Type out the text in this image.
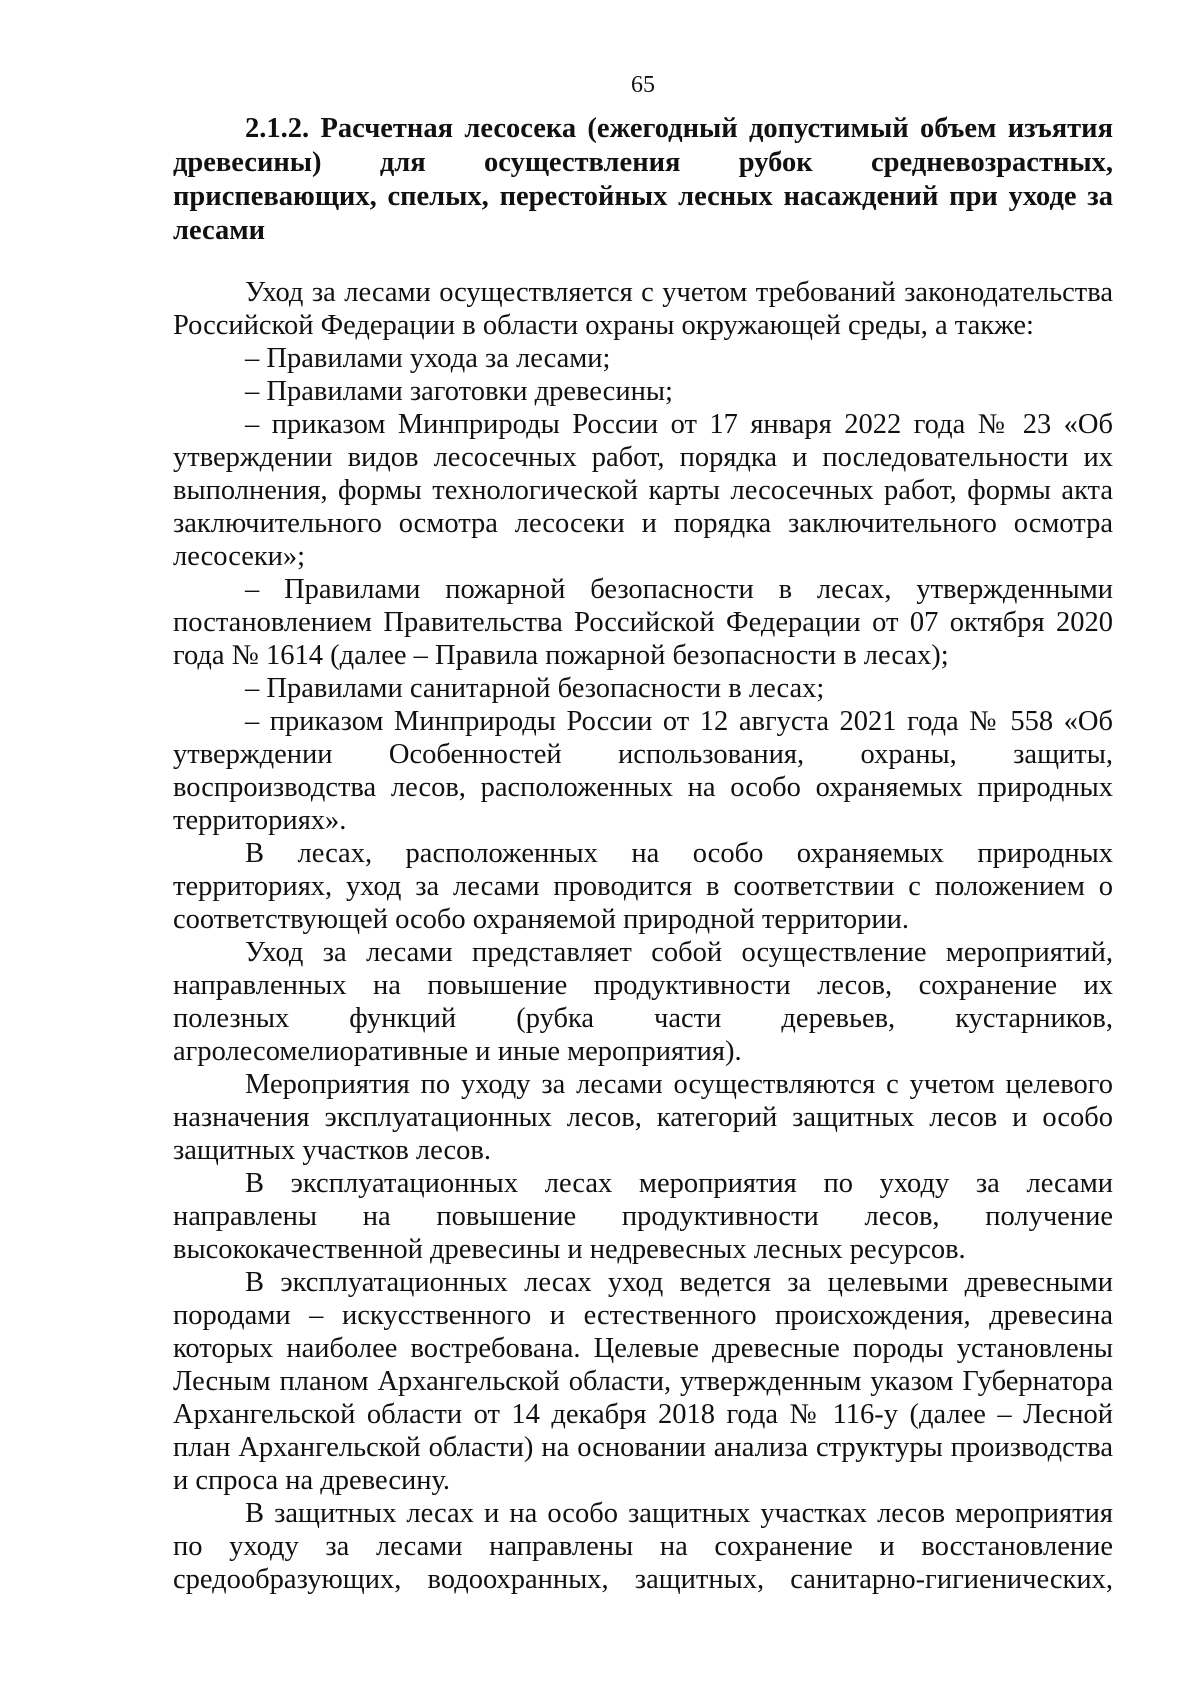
65
2.1.2. Расчетная лесосека (ежегодный допустимый объем изъятия древесины) для осуществления рубок средневозрастных, приспевающих, спелых, перестойных лесных насаждений при уходе за лесами

Уход за лесами осуществляется с учетом требований законодательства Российской Федерации в области охраны окружающей среды, а также:

– Правилами ухода за лесами;

– Правилами заготовки древесины;

– приказом Минприроды России от 17 января 2022 года № 23 «Об утверждении видов лесосечных работ, порядка и последовательности их выполнения, формы технологической карты лесосечных работ, формы акта заключительного осмотра лесосеки и порядка заключительного осмотра лесосеки»;

– Правилами пожарной безопасности в лесах, утвержденными постановлением Правительства Российской Федерации от 07 октября 2020 года № 1614 (далее – Правила пожарной безопасности в лесах);

– Правилами санитарной безопасности в лесах;

– приказом Минприроды России от 12 августа 2021 года № 558 «Об утверждении Особенностей использования, охраны, защиты, воспроизводства лесов, расположенных на особо охраняемых природных территориях».

В лесах, расположенных на особо охраняемых природных территориях, уход за лесами проводится в соответствии с положением о соответствующей особо охраняемой природной территории.

Уход за лесами представляет собой осуществление мероприятий, направленных на повышение продуктивности лесов, сохранение их полезных функций (рубка части деревьев, кустарников, агролесомелиоративные и иные мероприятия).

Мероприятия по уходу за лесами осуществляются с учетом целевого назначения эксплуатационных лесов, категорий защитных лесов и особо защитных участков лесов.

В эксплуатационных лесах мероприятия по уходу за лесами направлены на повышение продуктивности лесов, получение высококачественной древесины и недревесных лесных ресурсов.

В эксплуатационных лесах уход ведется за целевыми древесными породами – искусственного и естественного происхождения, древесина которых наиболее востребована. Целевые древесные породы установлены Лесным планом Архангельской области, утвержденным указом Губернатора Архангельской области от 14 декабря 2018 года № 116-у (далее – Лесной план Архангельской области) на основании анализа структуры производства и спроса на древесину.

В защитных лесах и на особо защитных участках лесов мероприятия по уходу за лесами направлены на сохранение и восстановление средообразующих, водоохранных, защитных, санитарно-гигиенических,
